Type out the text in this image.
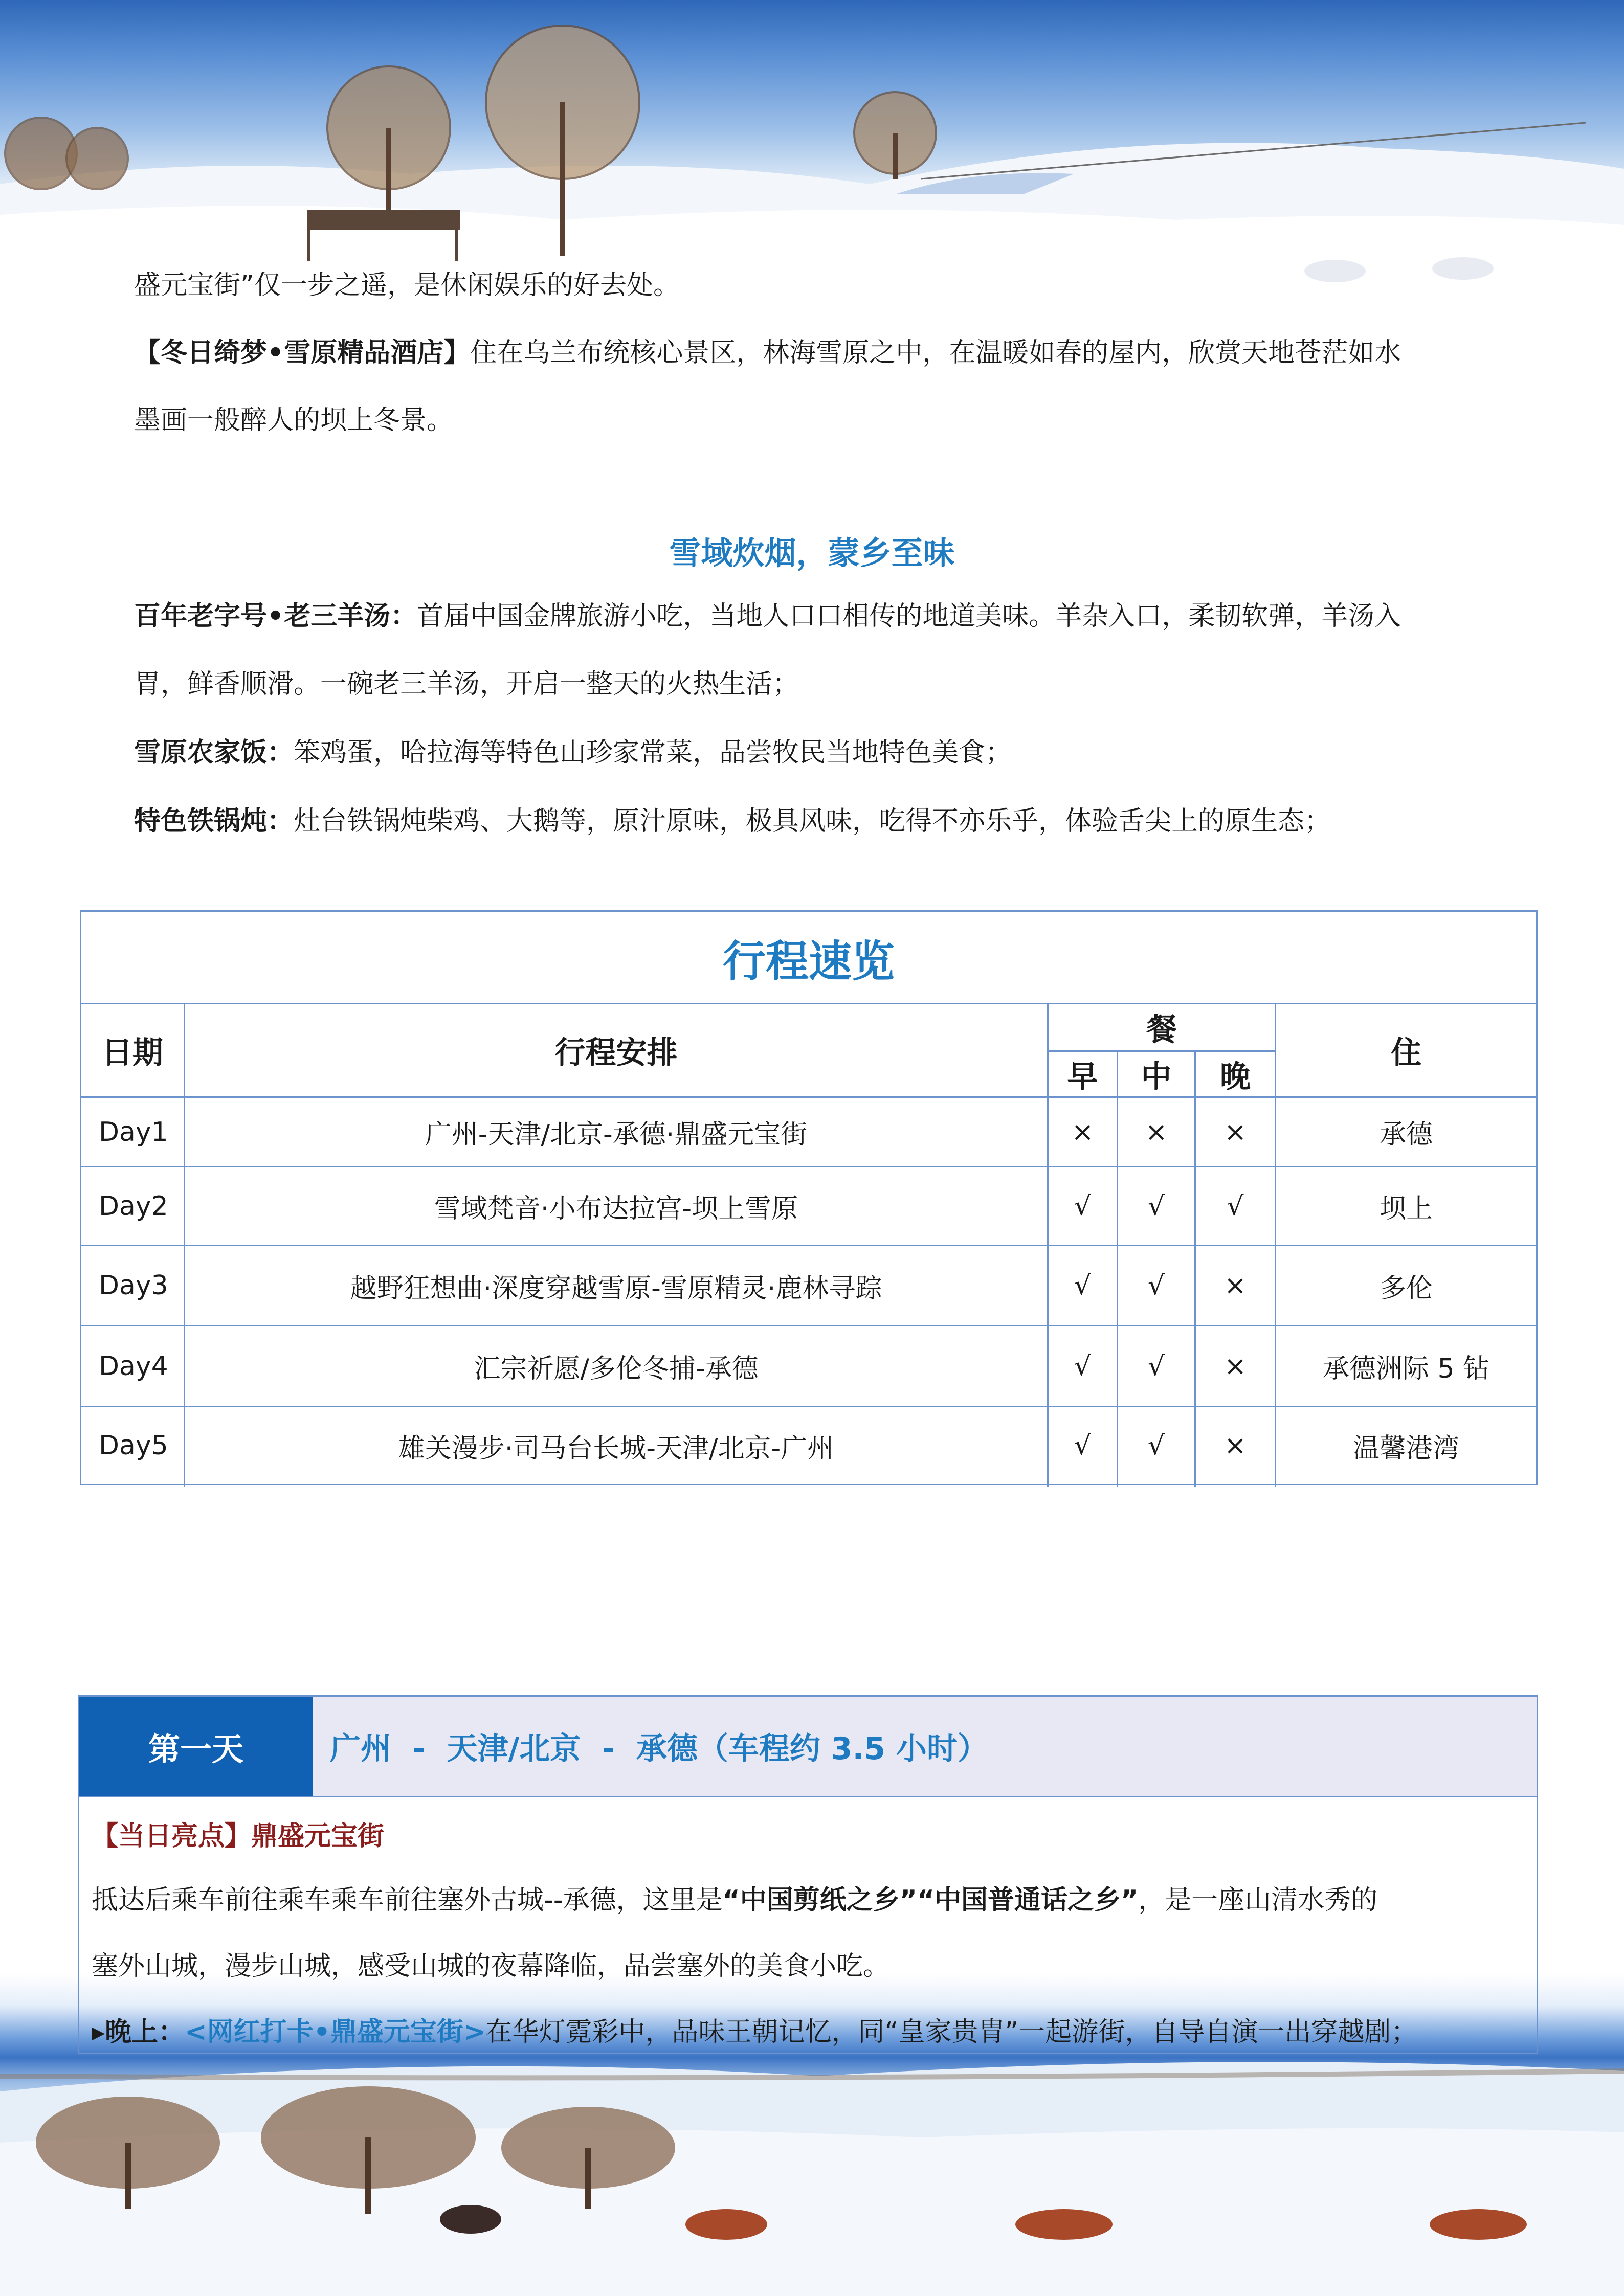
盛元宝街”仅一步之遥，是休闲娱乐的好去处。
【冬日绮梦•雪原精品酒店】住在乌兰布统核心景区，林海雪原之中，在温暖如春的屋内，欣赏天地苍茫如水
墨画一般醉人的坝上冬景。
雪域炊烟，蒙乡至味
百年老字号•老三羊汤：首届中国金牌旅游小吃，当地人口口相传的地道美味。羊杂入口，柔韧软弹，羊汤入
胃，鲜香顺滑。一碗老三羊汤，开启一整天的火热生活；
雪原农家饭：笨鸡蛋，哈拉海等特色山珍家常菜，品尝牧民当地特色美食；
特色铁锅炖：灶台铁锅炖柴鸡、大鹅等，原汁原味，极具风味，吃得不亦乐乎，体验舌尖上的原生态；
行程速览
日期	行程安排
餐
早	中	晚
住
Day1	广州-天津/北京-承德·鼎盛元宝街	×	×	×	承德
Day2	雪域梵音·小布达拉宫-坝上雪原	√	√	√	坝上
Day3	越野狂想曲·深度穿越雪原-雪原精灵·鹿林寻踪	√	√	×	多伦
Day4	汇宗祈愿/多伦冬捕-承德	√	√	×	承德洲际 5 钻
Day5	雄关漫步·司马台长城-天津/北京-广州	√	√	×	温馨港湾
第一天	广州  -  天津/北京  -  承德（车程约 3.5 小时）
【当日亮点】鼎盛元宝街
抵达后乘车前往乘车乘车前往塞外古城--承德，这里是“中国剪纸之乡”“中国普通话之乡”，是一座山清水秀的
塞外山城，漫步山城，感受山城的夜幕降临，品尝塞外的美食小吃。
▸晚上：<网红打卡•鼎盛元宝街>在华灯霓彩中，品味王朝记忆，同“皇家贵胄”一起游街，自导自演一出穿越剧；
